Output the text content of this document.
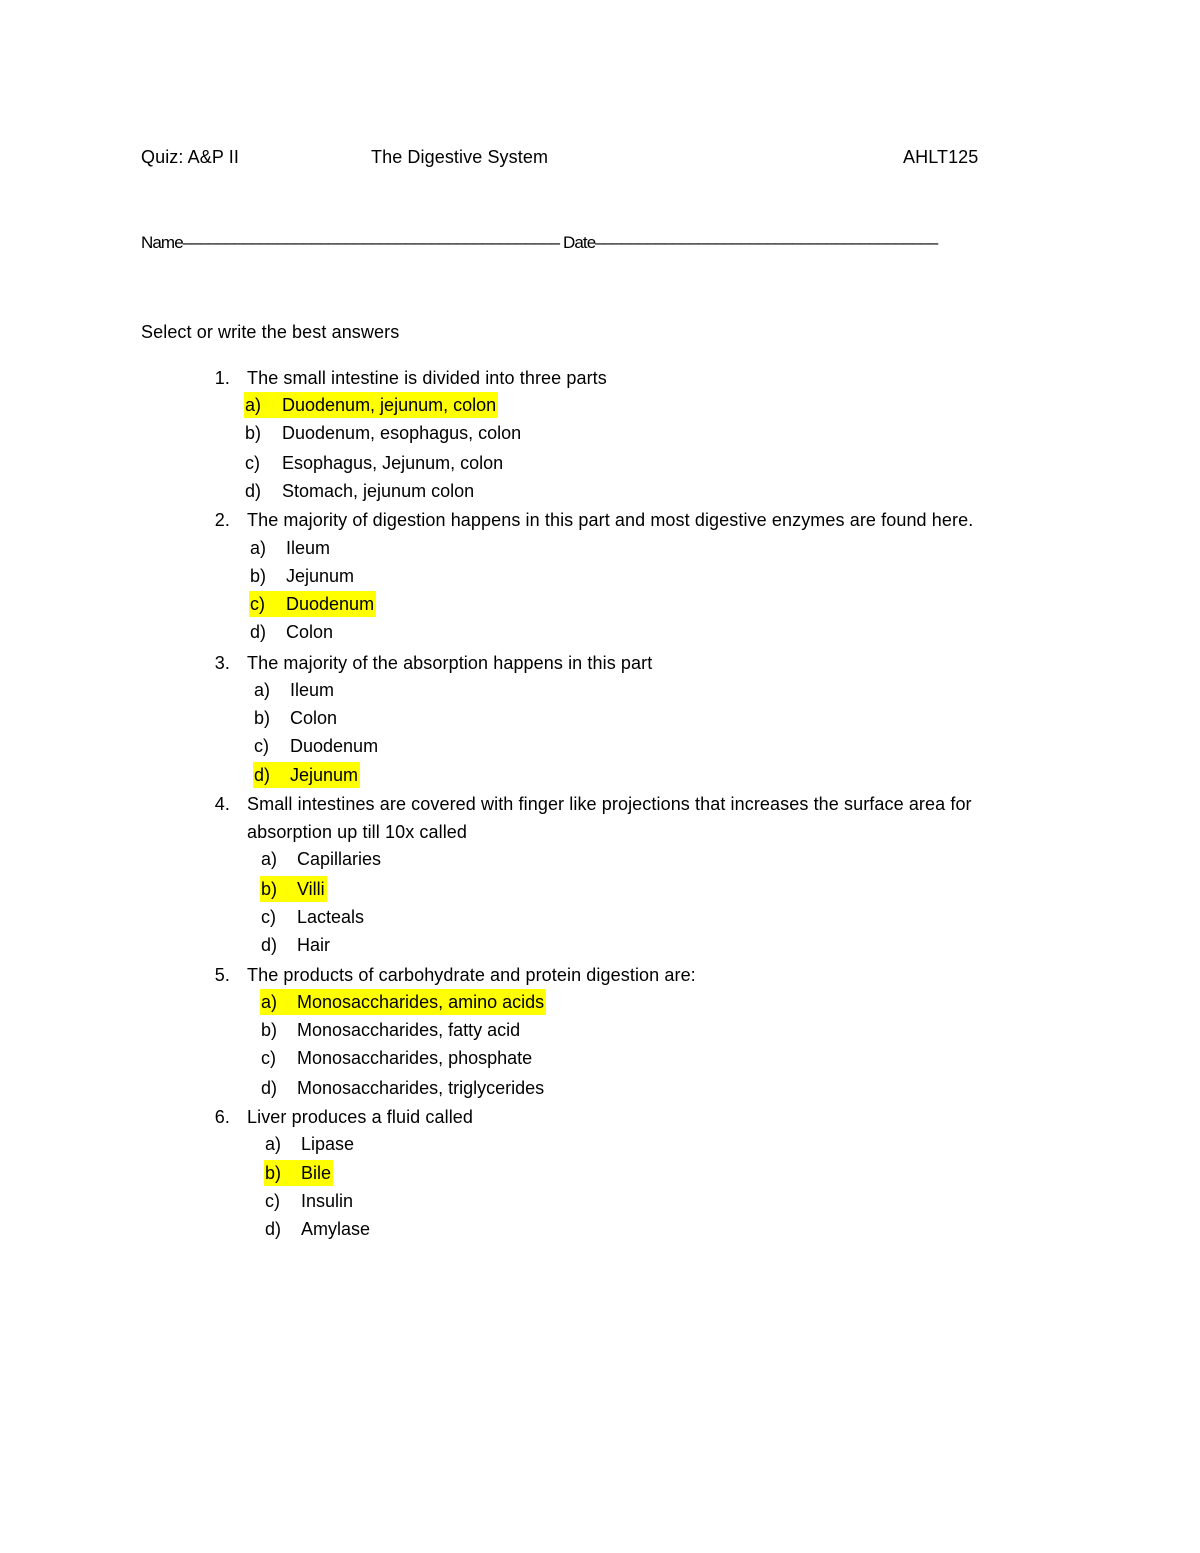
Quiz: A&P II	The Digestive System	AHLT125
Name–––––––––––––––––––––––––––––––––––––––––––– Date––––––––––––––––––––––––––––––––––––––––
Select or write the best answers
1. The small intestine is divided into three parts
a) Duodenum, jejunum, colon
b) Duodenum, esophagus, colon
c) Esophagus, Jejunum, colon
d) Stomach, jejunum colon
2. The majority of digestion happens in this part and most digestive enzymes are found here.
a) Ileum
b) Jejunum
c) Duodenum
d) Colon
3. The majority of the absorption happens in this part
a) Ileum
b) Colon
c) Duodenum
d) Jejunum
4. Small intestines are covered with finger like projections that increases the surface area for
absorption up till 10x called
a) Capillaries
b) Villi
c) Lacteals
d) Hair
5. The products of carbohydrate and protein digestion are:
a) Monosaccharides, amino acids
b) Monosaccharides, fatty acid
c) Monosaccharides, phosphate
d) Monosaccharides, triglycerides
6. Liver produces a fluid called
a) Lipase
b) Bile
c) Insulin
d) Amylase
